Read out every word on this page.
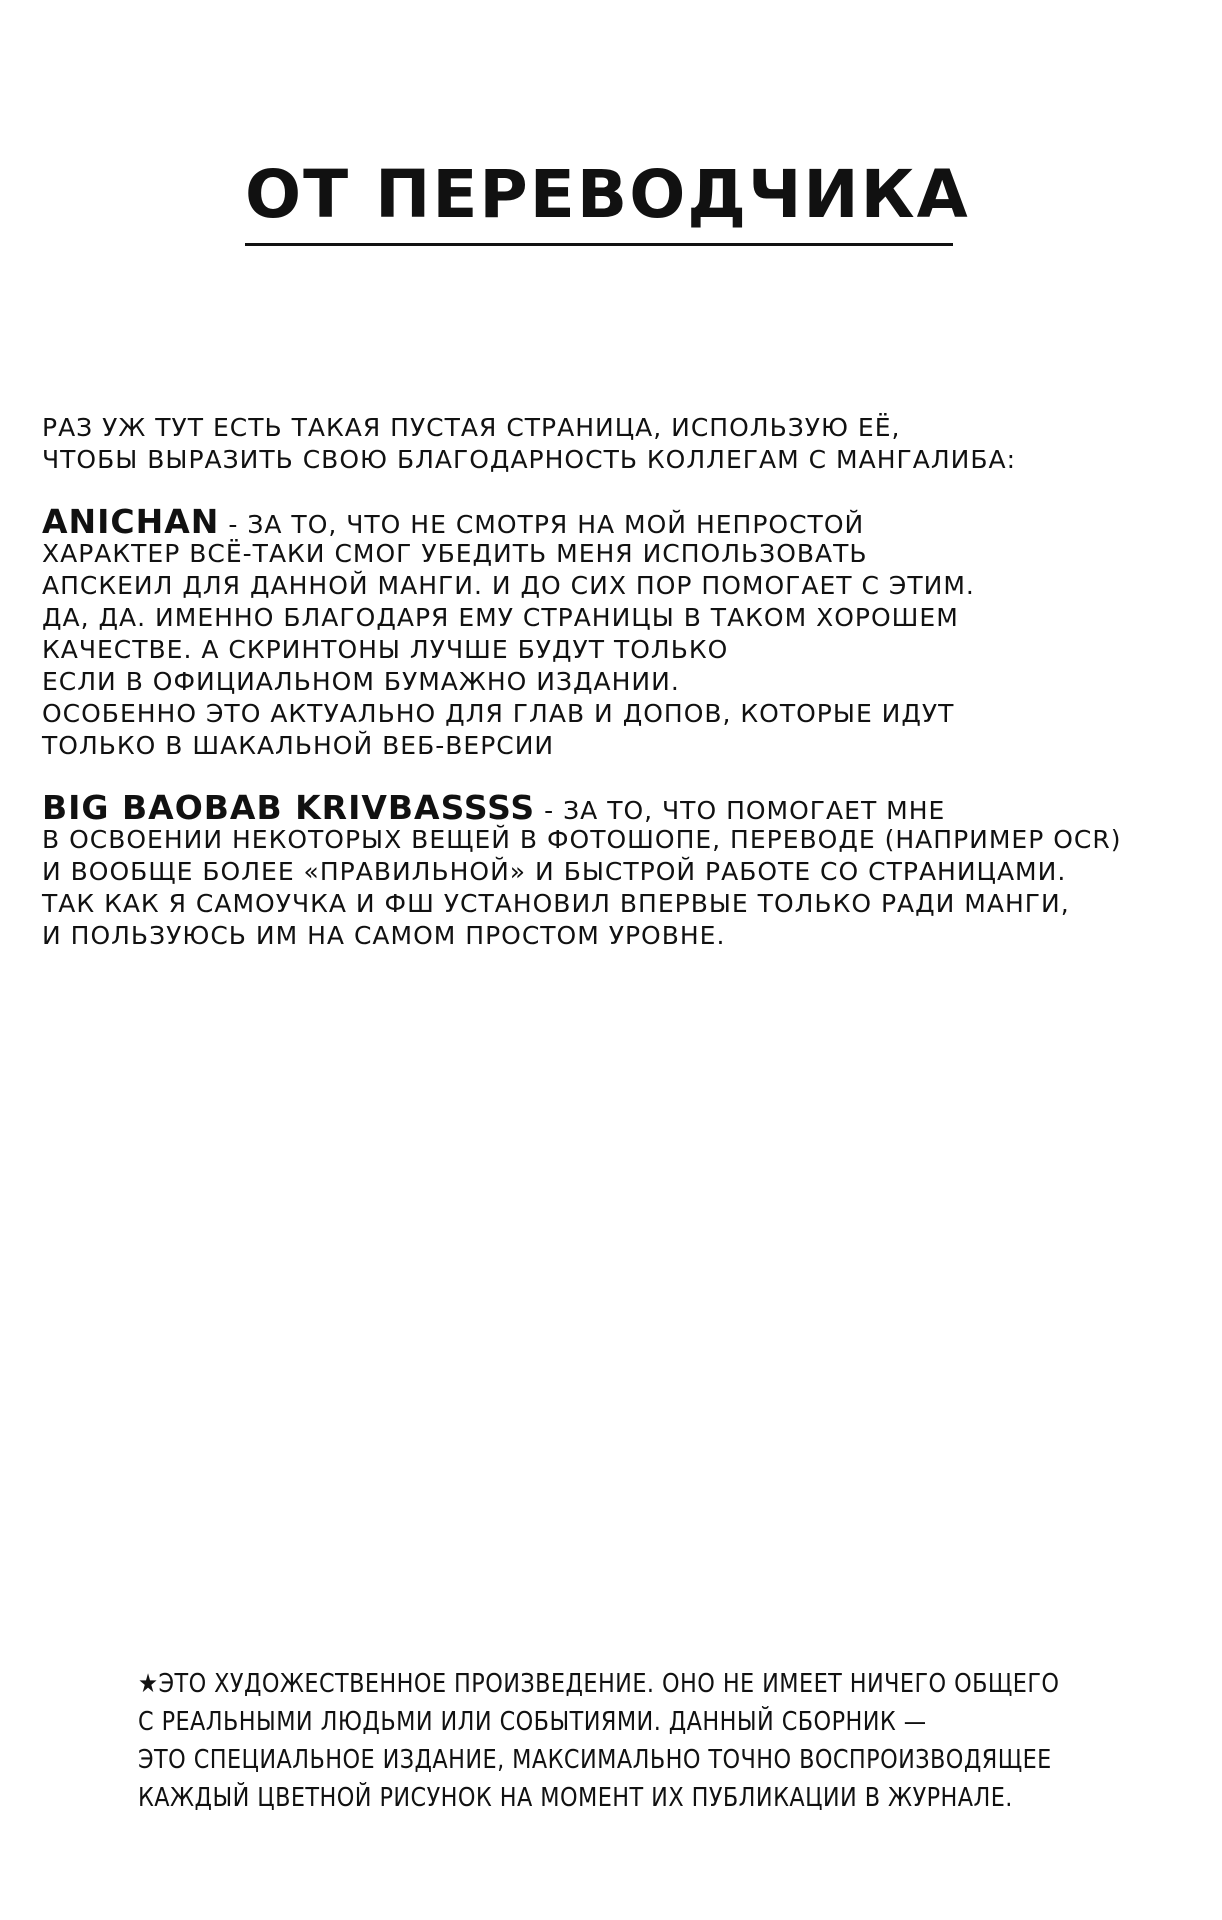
ОТ ПЕРЕВОДЧИКА

РАЗ УЖ ТУТ ЕСТЬ ТАКАЯ ПУСТАЯ СТРАНИЦА, ИСПОЛЬЗУЮ ЕЁ,

ЧТОБЫ ВЫРАЗИТЬ СВОЮ БЛАГОДАРНОСТЬ КОЛЛЕГАМ С МАНГАЛИБА:

ANICHAN - ЗА ТО, ЧТО НЕ СМОТРЯ НА МОЙ НЕПРОСТОЙ

ХАРАКТЕР ВСЁ-ТАКИ СМОГ УБЕДИТЬ МЕНЯ ИСПОЛЬЗОВАТЬ

АПСКЕИЛ ДЛЯ ДАННОЙ МАНГИ. И ДО СИХ ПОР ПОМОГАЕТ С ЭТИМ.

ДА, ДА. ИМЕННО БЛАГОДАРЯ ЕМУ СТРАНИЦЫ В ТАКОМ ХОРОШЕМ

КАЧЕСТВЕ. А СКРИНТОНЫ ЛУЧШЕ БУДУТ ТОЛЬКО

ЕСЛИ В ОФИЦИАЛЬНОМ БУМАЖНО ИЗДАНИИ.

ОСОБЕННО ЭТО АКТУАЛЬНО ДЛЯ ГЛАВ И ДОПОВ, КОТОРЫЕ ИДУТ

ТОЛЬКО В ШАКАЛЬНОЙ ВЕБ-ВЕРСИИ

BIG BAOBAB KRIVBASSSS - ЗА ТО, ЧТО ПОМОГАЕТ МНЕ

В ОСВОЕНИИ НЕКОТОРЫХ ВЕЩЕЙ В ФОТОШОПЕ, ПЕРЕВОДЕ (НАПРИМЕР OCR)

И ВООБЩЕ БОЛЕЕ «ПРАВИЛЬНОЙ» И БЫСТРОЙ РАБОТЕ СО СТРАНИЦАМИ.

ТАК КАК Я САМОУЧКА И ФШ УСТАНОВИЛ ВПЕРВЫЕ ТОЛЬКО РАДИ МАНГИ,

И ПОЛЬЗУЮСЬ ИМ НА САМОМ ПРОСТОМ УРОВНЕ.

★ЭТО ХУДОЖЕСТВЕННОЕ ПРОИЗВЕДЕНИЕ. ОНО НЕ ИМЕЕТ НИЧЕГО ОБЩЕГО

С РЕАЛЬНЫМИ ЛЮДЬМИ ИЛИ СОБЫТИЯМИ. ДАННЫЙ СБОРНИК —

ЭТО СПЕЦИАЛЬНОЕ ИЗДАНИЕ, МАКСИМАЛЬНО ТОЧНО ВОСПРОИЗВОДЯЩЕЕ

КАЖДЫЙ ЦВЕТНОЙ РИСУНОК НА МОМЕНТ ИХ ПУБЛИКАЦИИ В ЖУРНАЛЕ.
